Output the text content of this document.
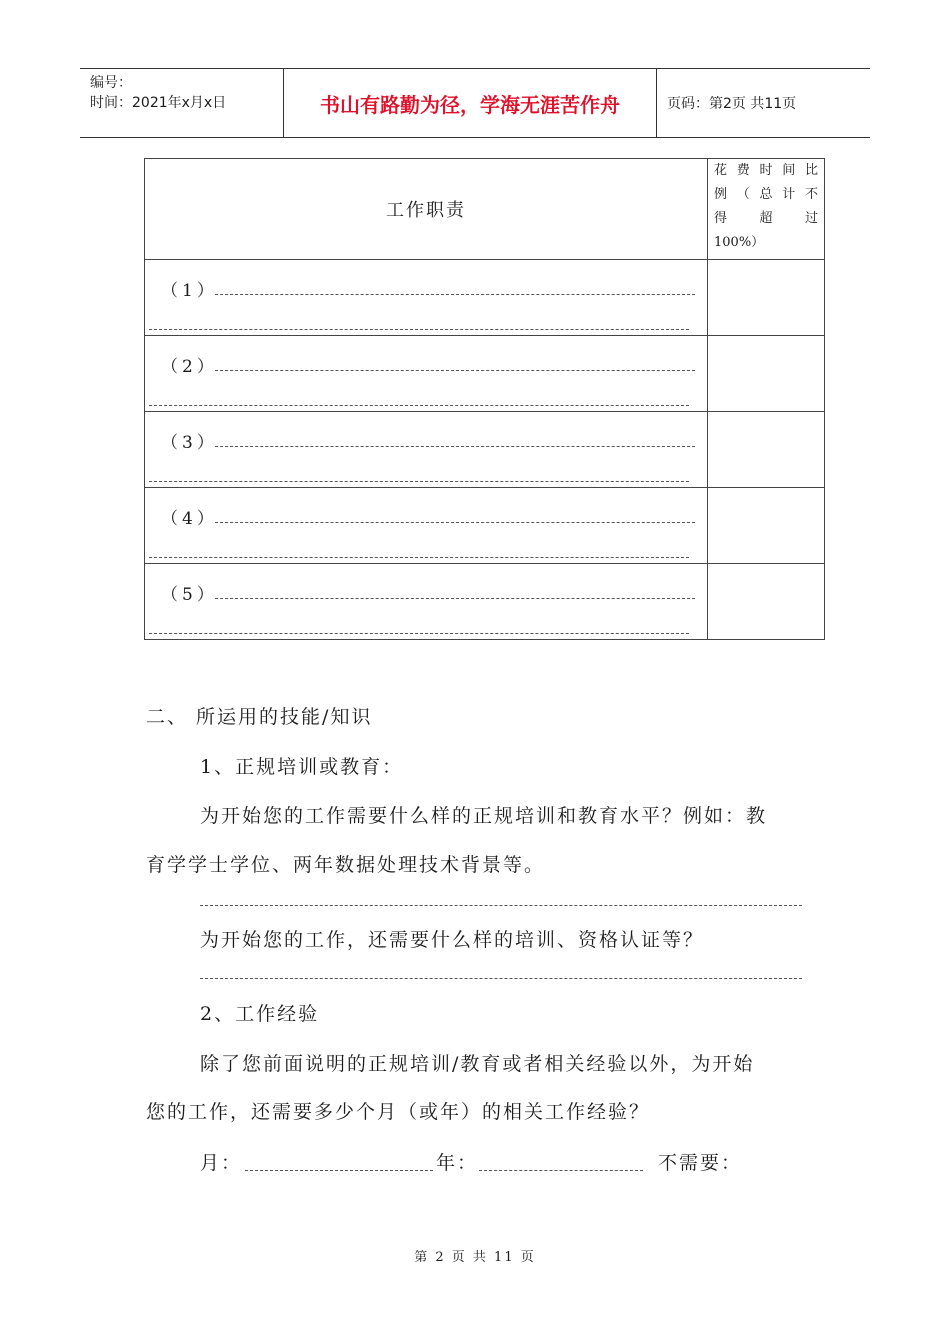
编号：
时间：2021年x月x日	书山有路勤为径，学海无涯苦作舟	页码：第2页 共11页
工作职责	花费时间比
例（总计不
得超过
100%）

（1）	

（2）	

（3）	

（4）	

（5）	

二、 所运用的技能/知识
1、正规培训或教育：
为开始您的工作需要什么样的正规培训和教育水平？例如：教
育学学士学位、两年数据处理技术背景等。
为开始您的工作，还需要什么样的培训、资格认证等？
2、工作经验
除了您前面说明的正规培训/教育或者相关经验以外，为开始
您的工作，还需要多少个月（或年）的相关工作经验？
月：	年：	不需要：
第 2 页 共 11 页
